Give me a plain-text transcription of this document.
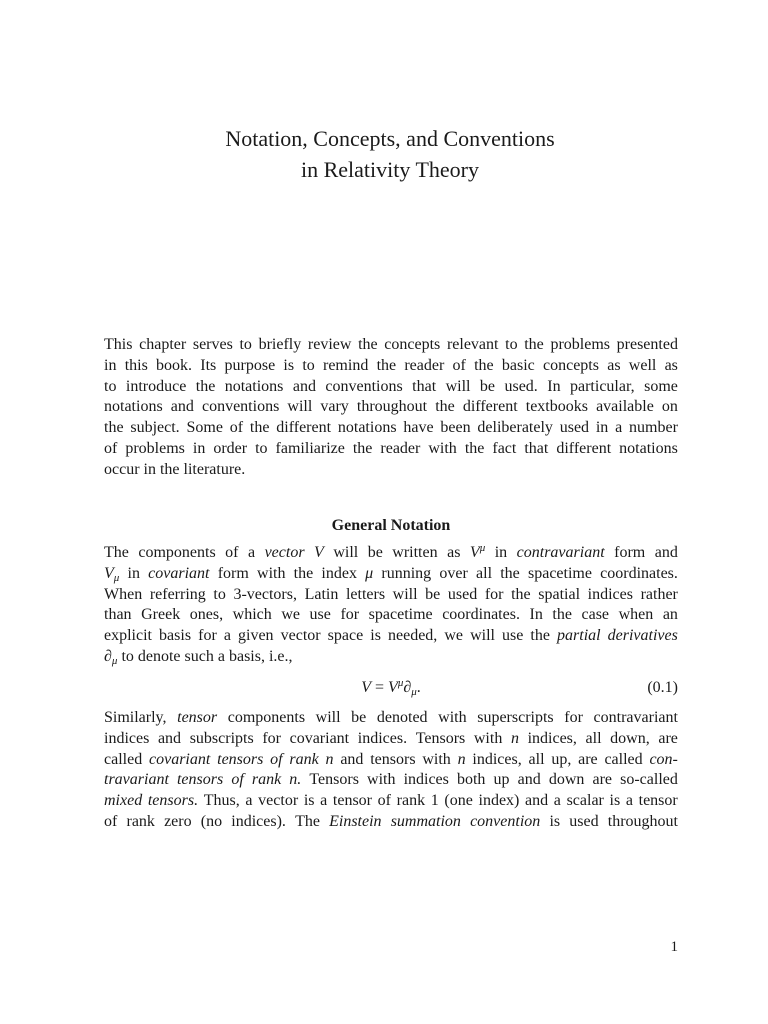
Notation, Concepts, and Conventions
in Relativity Theory
This chapter serves to briefly review the concepts relevant to the problems presented
in this book. Its purpose is to remind the reader of the basic concepts as well as
to introduce the notations and conventions that will be used. In particular, some
notations and conventions will vary throughout the different textbooks available on
the subject. Some of the different notations have been deliberately used in a number
of problems in order to familiarize the reader with the fact that different notations
occur in the literature.
General Notation
The components of a vector V will be written as $V^\mu$ in contravariant form and
$V_\mu$ in covariant form with the index μ running over all the spacetime coordinates.
When referring to 3-vectors, Latin letters will be used for the spatial indices rather
than Greek ones, which we use for spacetime coordinates. In the case when an
explicit basis for a given vector space is needed, we will use the partial derivatives
$\partial_\mu$ to denote such a basis, i.e.,
$V = V^\mu\partial_\mu$.	(0.1)
Similarly, tensor components will be denoted with superscripts for contravariant
indices and subscripts for covariant indices. Tensors with n indices, all down, are
called covariant tensors of rank n and tensors with n indices, all up, are called con-
travariant tensors of rank n. Tensors with indices both up and down are so-called
mixed tensors. Thus, a vector is a tensor of rank 1 (one index) and a scalar is a tensor
of rank zero (no indices). The Einstein summation convention is used throughout
1
